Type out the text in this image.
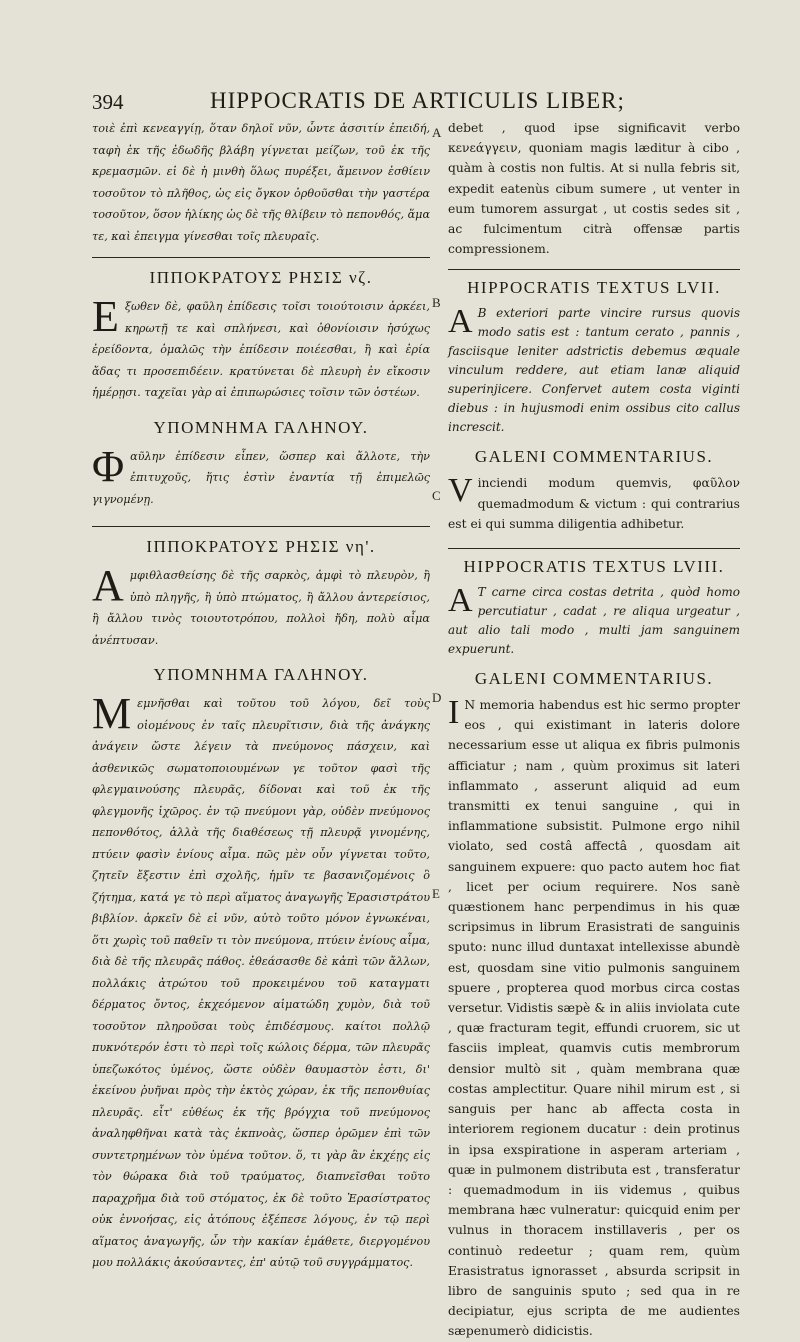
394	HIPPOCRATIS DE ARTICULIS LIBER;
A
B
C
D
E

τοιὲ ἐπὶ κενεαγγίῃ, ὅταν δηλοῖ νῦν, ὧντε ἀσσιτίν ἐπειδή, ταφὴ ἐκ τῆς ἐδωδῆς βλάβη γίγνεται μείζων, τοῦ ἐκ τῆς κρεμασμῶν. εἰ δὲ ἡ μινθὴ ὅλως πυρέξει, ἄμεινον ἐσθίειν τοσοῦτον τὸ πλῆθος, ὡς εἰς ὄγκον ὀρθοῦσθαι τὴν γαστέρα τοσοῦτον, ὅσον ἡλίκης ὡς δὲ τῆς θλίβειν τὸ πεπονθός, ἅμα τε, καὶ ἐπειγμα γίνεσθαι τοῖς πλευραῖς.

ΙΠΠΟΚΡΑΤΟΥΣ ΡΗΣΙΣ νζ.

Ε ξωθεν δὲ, φαῦλη ἐπίδεσις τοῖσι τοιούτοισιν ἀρκέει, κηρωτῇ τε καὶ σπλήνεσι, καὶ ὀθονίοισιν ἡσύχως ἐρείδοντα, ὁμαλῶς τὴν ἐπίδεσιν ποιέεσθαι, ἢ καὶ ἐρία ἄδας τι προσεπιδέειν. κρατύνεται δὲ πλευρὴ ἐν εἴκοσιν ἡμέρῃσι. ταχεῖαι γὰρ αἱ ἐπιπωρώσιες τοῖσιν τῶν ὀστέων.

ΥΠΟΜΝΗΜΑ ΓΑΛΗΝΟΥ.

Φ αῦλην ἐπίδεσιν εἶπεν, ὥσπερ καὶ ἄλλοτε, τὴν ἐπιτυχοῦς, ἥτις ἐστὶν ἐναντία τῇ ἐπιμελῶς γιγνομένῃ.

ΙΠΠΟΚΡΑΤΟΥΣ ΡΗΣΙΣ νη'.

Α μφιθλασθείσης δὲ τῆς σαρκὸς, ἀμφὶ τὸ πλευρὸν, ἢ ὑπὸ πληγῆς, ἢ ὑπὸ πτώματος, ἢ ἄλλου ἀντερείσιος, ἢ ἄλλου τινὸς τοιουτοτρόπου, πολλοὶ ἤδη, πολὺ αἷμα ἀνέπτυσαν.

ΥΠΟΜΝΗΜΑ ΓΑΛΗΝΟΥ.

Μ εμνῆσθαι καὶ τοῦτου τοῦ λόγου, δεῖ τοὺς οἰομένους ἐν ταῖς πλευρῖτισιν, διὰ τῆς ἀνάγκης ἀνάγειν ὥστε λέγειν τὰ πνεύμονος πάσχειν, καὶ ἀσθενικῶς σωματοποιουμένων γε τοῦτον φασὶ τῆς φλεγμαινούσης πλευρᾶς, δίδοναι καὶ τοῦ ἐκ τῆς φλεγμονῆς ἰχῶρος. ἐν τῷ πνεύμονι γὰρ, οὐδὲν πνεύμονος πεπονθότος, ἀλλὰ τῆς διαθέσεως τῇ πλευρᾷ γινομένης, πτύειν φασὶν ἐνίους αἷμα. πῶς μὲν οὖν γίγνεται τοῦτο, ζητεῖν ἔξεστιν ἐπὶ σχολῆς, ἡμῖν τε βασανιζομένοις ὃ ζήτημα, κατά γε τὸ περὶ αἵματος ἀναγωγῆς Ἐρασιστράτου βιβλίον. ἀρκεῖν δὲ εἰ νῦν, αὐτὸ τοῦτο μόνον ἐγνωκέναι, ὅτι χωρὶς τοῦ παθεῖν τι τὸν πνεύμονα, πτύειν ἐνίους αἷμα, διὰ δὲ τῆς πλευρᾶς πάθος. ἐθεάσασθε δὲ κἀπὶ τῶν ἄλλων, πολλάκις ἀτρώτου τοῦ προκειμένου τοῦ καταγματι δέρματος ὄντος, ἐκχεόμενον αἱματώδη χυμὸν, διὰ τοῦ τοσοῦτον πληροῦσαι τοὺς ἐπιδέσμους. καίτοι πολλῷ πυκνότερόν ἐστι τὸ περὶ τοῖς κώλοις δέρμα, τῶν πλευρᾶς ὑπεζωκότος ὑμένος, ὥστε οὐδὲν θαυμαστὸν ἐστι, δι' ἐκείνου ῥυῆναι πρὸς τὴν ἐκτὸς χώραν, ἐκ τῆς πεπονθυίας πλευρᾶς. εἶτ' εὐθέως ἐκ τῆς βρόγχια τοῦ πνεύμονος ἀναληφθῆναι κατὰ τὰς ἐκπνοὰς, ὥσπερ ὁρῶμεν ἐπὶ τῶν συντετρημένων τὸν ὑμένα τοῦτον. ὅ, τι γὰρ ἂν ἐκχέῃς εἰς τὸν θώρακα διὰ τοῦ τραύματος, διαπνεῖσθαι τοῦτο παραχρῆμα διὰ τοῦ στόματος, ἐκ δὲ τοῦτο Ἐρασίστρατος οὐκ ἐννοήσας, εἰς ἀτόπους ἐξέπεσε λόγους, ἐν τῷ περὶ αἵματος ἀναγωγῆς, ὧν τὴν κακίαν ἐμάθετε, διεργομένου μου πολλάκις ἀκούσαντες, ἐπ' αὐτῷ τοῦ συγγράμματος.

debet , quod ipse significavit verbo κενεάγγειν, quoniam magis læditur à cibo , quàm à costis non fultis. At si nulla febris sit, expedit eatenùs cibum sumere , ut venter in eum tumorem assurgat , ut costis sedes sit , ac fulcimentum citrà offensæ partis compressionem.

HIPPOCRATIS TEXTUS LVII.

A B exteriori parte vincire rursus quovis modo satis est : tantum cerato , pannis , fasciisque leniter adstrictis debemus æquale vinculum reddere, aut etiam lanæ aliquid superinjicere. Confervet autem costa viginti diebus : in hujusmodi enim ossibus cito callus increscit.

GALENI COMMENTARIUS.

V inciendi modum quemvis, φαῦλον quemadmodum & victum : qui contrarius est ei qui summa diligentia adhibetur.

HIPPOCRATIS TEXTUS LVIII.

A T carne circa costas detrita , quòd homo percutiatur , cadat , re aliqua urgeatur , aut alio tali modo , multi jam sanguinem expuerunt.

GALENI COMMENTARIUS.

I N memoria habendus est hic sermo propter eos , qui existimant in lateris dolore necessarium esse ut aliqua ex fibris pulmonis afficiatur ; nam , quùm proximus sit lateri inflammato , asserunt aliquid ad eum transmitti ex tenui sanguine , qui in inflammatione subsistit. Pulmone ergo nihil violato, sed costâ affectâ , quosdam ait sanguinem expuere: quo pacto autem hoc fiat , licet per ocium requirere. Nos sanè quæstionem hanc perpendimus in his quæ scripsimus in librum Erasistrati de sanguinis sputo: nunc illud duntaxat intellexisse abundè est, quosdam sine vitio pulmonis sanguinem spuere , propterea quod morbus circa costas versetur. Vidistis sæpè & in aliis inviolata cute , quæ fracturam tegit, effundi cruorem, sic ut fasciis impleat, quamvis cutis membrorum densior multò sit , quàm membrana quæ costas amplectitur. Quare nihil mirum est , si sanguis per hanc ab affecta costa in interiorem regionem ducatur : dein protinus in ipsa exspiratione in asperam arteriam , quæ in pulmonem distributa est , transferatur : quemadmodum in iis videmus , quibus membrana hæc vulneratur: quicquid enim per vulnus in thoracem instillaveris , per os continuò redeetur ; quam rem, quùm Erasistratus ignorasset , absurda scripsit in libro de sanguinis sputo ; sed qua in re decipiatur, ejus scripta de me audientes sæpenumerò didicistis.
